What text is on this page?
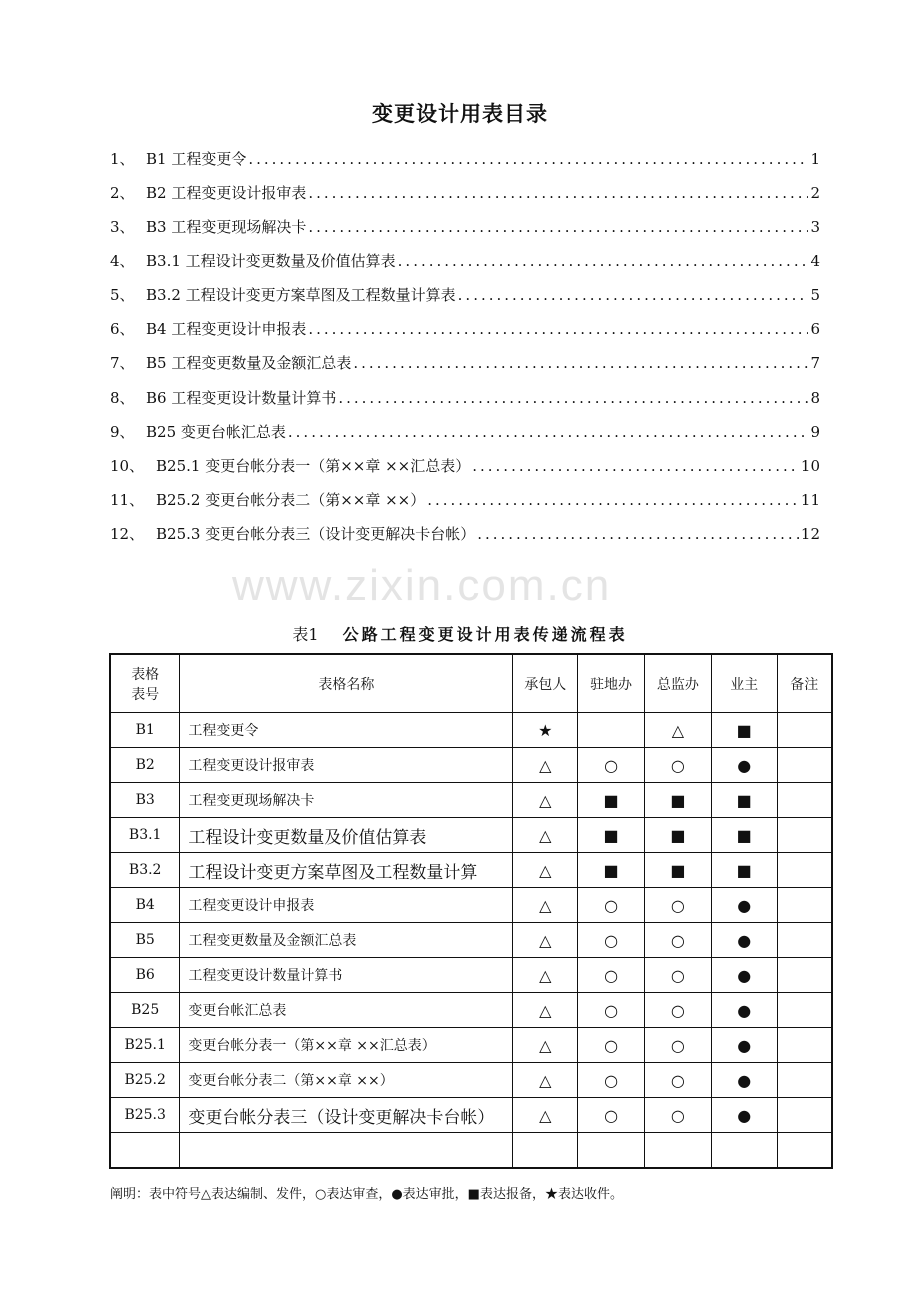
变更设计用表目录
1、 B1 工程变更令 .....	1
2、 B2 工程变更设计报审表 .....	2
3、 B3 工程变更现场解决卡 .....	3
4、 B3.1 工程设计变更数量及价值估算表 .....	4
5、 B3.2 工程设计变更方案草图及工程数量计算表 .....	5
6、 B4 工程变更设计申报表 .....	6
7、 B5 工程变更数量及金额汇总表 .....	7
8、 B6 工程变更设计数量计算书 .....	8
9、 B25 变更台帐汇总表 .....	9
10、 B25.1 变更台帐分表一（第××章 ××汇总表） .....	10
11、 B25.2 变更台帐分表二（第××章 ××） .....	11
12、 B25.3 变更台帐分表三（设计变更解决卡台帐） .....	12
www.zixin.com.cn
表1 公路工程变更设计用表传递流程表
表格
表号	表格名称	承包人	驻地办	总监办	业主	备注
B1	工程变更令	★		△	■	
B2	工程变更设计报审表	△	○	○	●	
B3	工程变更现场解决卡	△	■	■	■	
B3.1	工程设计变更数量及价值估算表	△	■	■	■	
B3.2	工程设计变更方案草图及工程数量计算	△	■	■	■	
B4	工程变更设计申报表	△	○	○	●	
B5	工程变更数量及金额汇总表	△	○	○	●	
B6	工程变更设计数量计算书	△	○	○	●	
B25	变更台帐汇总表	△	○	○	●	
B25.1	变更台帐分表一（第××章 ××汇总表）	△	○	○	●	
B25.2	变更台帐分表二（第××章 ××）	△	○	○	●	
B25.3	变更台帐分表三（设计变更解决卡台帐）	△	○	○	●	

阐明：表中符号△表达编制、发件，○表达审查，●表达审批，■表达报备，★表达收件。
